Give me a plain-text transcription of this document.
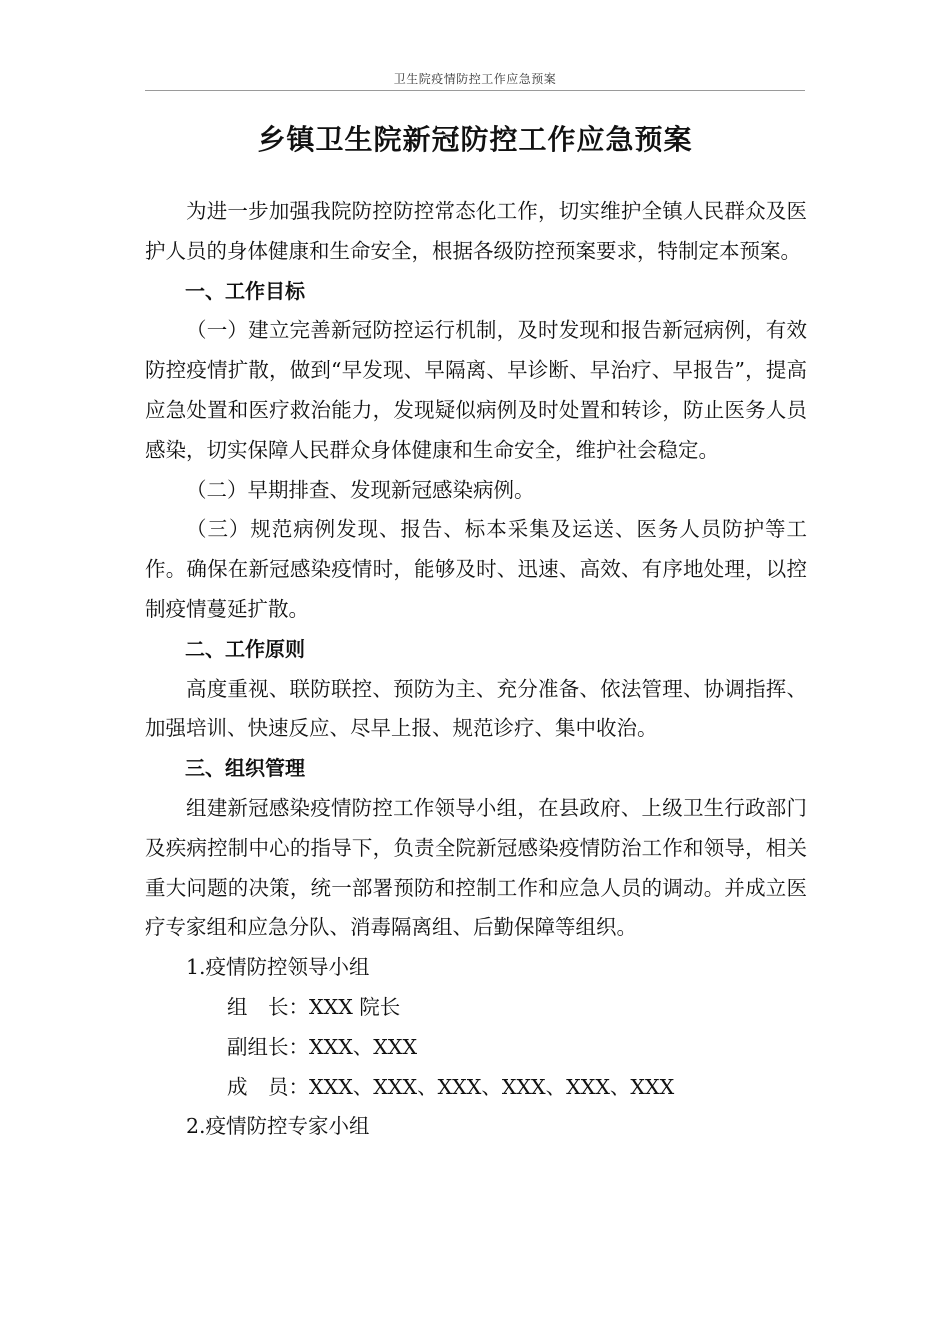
卫生院疫情防控工作应急预案
乡镇卫生院新冠防控工作应急预案

为进一步加强我院防控防控常态化工作，切实维护全镇人民群众及医护人员的身体健康和生命安全，根据各级防控预案要求，特制定本预案。

一、工作目标

（一）建立完善新冠防控运行机制，及时发现和报告新冠病例，有效防控疫情扩散，做到“早发现、早隔离、早诊断、早治疗、早报告”，提高应急处置和医疗救治能力，发现疑似病例及时处置和转诊，防止医务人员感染，切实保障人民群众身体健康和生命安全，维护社会稳定。

（二）早期排查、发现新冠感染病例。

（三）规范病例发现、报告、标本采集及运送、医务人员防护等工作。确保在新冠感染疫情时，能够及时、迅速、高效、有序地处理，以控制疫情蔓延扩散。

二、工作原则

高度重视、联防联控、预防为主、充分准备、依法管理、协调指挥、加强培训、快速反应、尽早上报、规范诊疗、集中收治。

三、组织管理

组建新冠感染疫情防控工作领导小组，在县政府、上级卫生行政部门及疾病控制中心的指导下，负责全院新冠感染疫情防治工作和领导，相关重大问题的决策，统一部署预防和控制工作和应急人员的调动。并成立医疗专家组和应急分队、消毒隔离组、后勤保障等组织。

1.疫情防控领导小组

组　长：XXX 院长

副组长：XXX、XXX

成　员：XXX、XXX、XXX、XXX、XXX、XXX

2.疫情防控专家小组
